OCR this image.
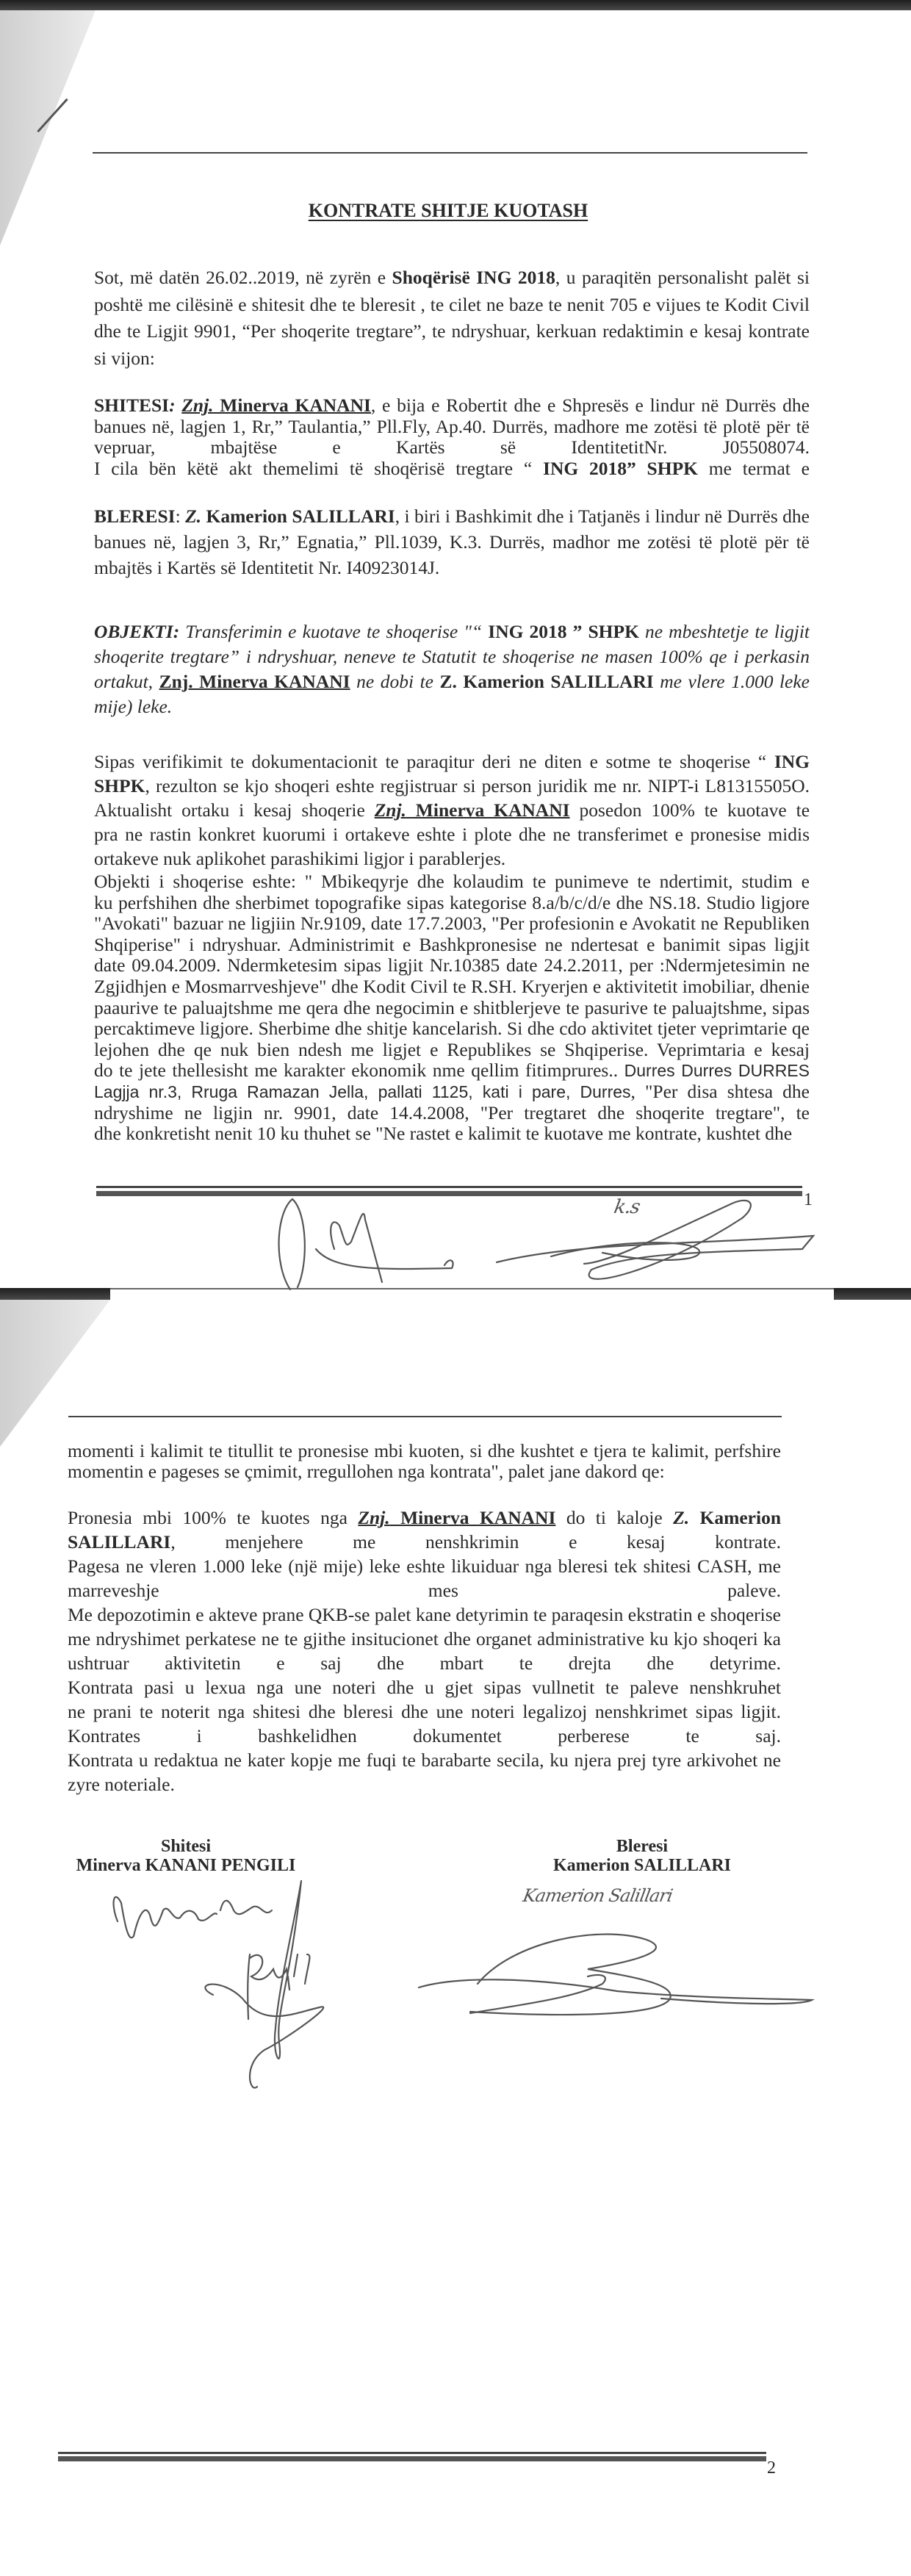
KONTRATE SHITJE KUOTASH
Sot, më datën 26.02..2019, në zyrën e Shoqërisë ING 2018, u paraqitën personalisht palët si
poshtë me cilësinë e shitesit dhe te bleresit , te cilet ne baze te nenit 705 e vijues te Kodit Civil
dhe te Ligjit 9901, “Per shoqerite tregtare”, te ndryshuar, kerkuan redaktimin e kesaj kontrate
si vijon:
SHITESI: Znj. Minerva KANANI, e bija e Robertit dhe e Shpresës e lindur në Durrës dhe
banues në, lagjen 1, Rr,” Taulantia,” Pll.Fly, Ap.40. Durrës, madhore me zotësi të plotë për të
vepruar, mbajtëse e Kartës së IdentitetitNr. J05508074.
I cila bën këtë akt themelimi të shoqërisë tregtare “ ING 2018” SHPK me termat e
BLERESI: Z. Kamerion SALILLARI, i biri i Bashkimit dhe i Tatjanës i lindur në Durrës dhe
banues në, lagjen 3, Rr,” Egnatia,” Pll.1039, K.3. Durrës, madhor me zotësi të plotë për të
mbajtës i Kartës së Identitetit Nr. I40923014J.
OBJEKTI: Transferimin e kuotave te shoqerise "“ ING 2018 ” SHPK ne mbeshtetje te ligjit
shoqerite tregtare” i ndryshuar, neneve te Statutit te shoqerise ne masen 100% qe i perkasin
ortakut, Znj. Minerva KANANI ne dobi te Z. Kamerion SALILLARI me vlere 1.000 leke
mije) leke.
Sipas verifikimit te dokumentacionit te paraqitur deri ne diten e sotme te shoqerise “ ING
SHPK, rezulton se kjo shoqeri eshte regjistruar si person juridik me nr. NIPT-i L81315505O.
Aktualisht ortaku i kesaj shoqerie Znj. Minerva KANANI posedon 100% te kuotave te
pra ne rastin konkret kuorumi i ortakeve eshte i plote dhe ne transferimet e pronesise midis
ortakeve nuk aplikohet parashikimi ligjor i parablerjes.
Objekti i shoqerise eshte: " Mbikeqyrje dhe kolaudim te punimeve te ndertimit, studim e
ku perfshihen dhe sherbimet topografike sipas kategorise 8.a/b/c/d/e dhe NS.18. Studio ligjore
"Avokati" bazuar ne ligjiin Nr.9109, date 17.7.2003, "Per profesionin e Avokatit ne Republiken
Shqiperise" i ndryshuar. Administrimit e Bashkpronesise ne ndertesat e banimit sipas ligjit
date 09.04.2009. Ndermketesim sipas ligjit Nr.10385 date 24.2.2011, per :Ndermjetesimin ne
Zgjidhjen e Mosmarrveshjeve" dhe Kodit Civil te R.SH. Kryerjen e aktivitetit imobiliar, dhenie
paaurive te paluajtshme me qera dhe negocimin e shitblerjeve te pasurive te paluajtshme, sipas
percaktimeve ligjore. Sherbime dhe shitje kancelarish. Si dhe cdo aktivitet tjeter veprimtarie qe
lejohen dhe qe nuk bien ndesh me ligjet e Republikes se Shqiperise. Veprimtaria e kesaj
do te jete thellesisht me karakter ekonomik nme qellim fitimprures.. Durres Durres DURRES
Lagjja nr.3, Rruga Ramazan Jella, pallati 1125, kati i pare, Durres, "Per disa shtesa dhe
ndryshime ne ligjin nr. 9901, date 14.4.2008, "Per tregtaret dhe shoqerite tregtare", te
dhe konkretisht nenit 10 ku thuhet se "Ne rastet e kalimit te kuotave me kontrate, kushtet dhe
1
k.s
momenti i kalimit te titullit te pronesise mbi kuoten, si dhe kushtet e tjera te kalimit, perfshire
momentin e pageses se çmimit, rregullohen nga kontrata", palet jane dakord qe:
Pronesia mbi 100% te kuotes nga Znj. Minerva KANANI do ti kaloje Z. Kamerion
SALILLARI, menjehere me nenshkrimin e kesaj kontrate.
Pagesa ne vleren 1.000 leke (një mije) leke eshte likuiduar nga bleresi tek shitesi CASH, me
marreveshje mes paleve.
Me depozotimin e akteve prane QKB-se palet kane detyrimin te paraqesin ekstratin e shoqerise
me ndryshimet perkatese ne te gjithe insitucionet dhe organet administrative ku kjo shoqeri ka
ushtruar aktivitetin e saj dhe mbart te drejta dhe detyrime.
Kontrata pasi u lexua nga une noteri dhe u gjet sipas vullnetit te paleve nenshkruhet
ne prani te noterit nga shitesi dhe bleresi dhe une noteri legalizoj nenshkrimet sipas ligjit.
Kontrates i bashkelidhen dokumentet perberese te saj.
Kontrata u redaktua ne kater kopje me fuqi te barabarte secila, ku njera prej tyre arkivohet ne
zyre noteriale.
Shitesi
Minerva KANANI PENGILI
Bleresi
Kamerion SALILLARI
Kamerion Salillari
2
